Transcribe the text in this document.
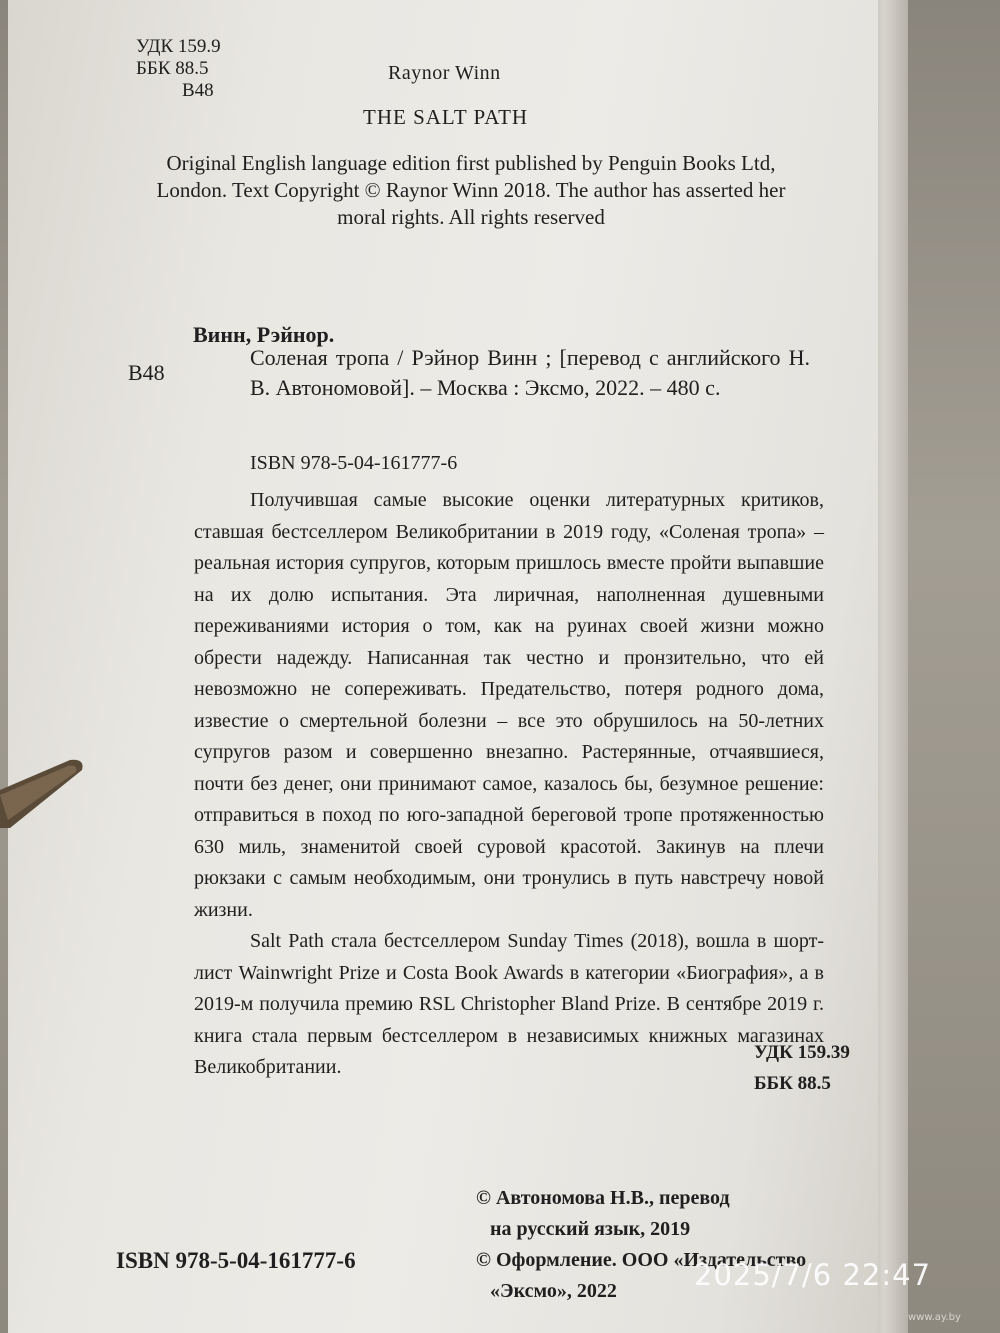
УДК 159.9
ББК 88.5
В48
Raynor Winn
THE SALT PATH
Original English language edition first published by Penguin Books Ltd, London. Text Copyright © Raynor Winn 2018. The author has asserted her moral rights. All rights reserved
Винн, Рэйнор.
В48
Соленая тропа / Рэйнор Винн ; [перевод с английского Н. В. Автономовой]. – Москва : Эксмо, 2022. – 480 с.
ISBN 978-5-04-161777-6

Получившая самые высокие оценки литературных критиков, ставшая бестселлером Великобритании в 2019 году, «Соленая тропа» – реальная история супругов, которым пришлось вместе пройти выпавшие на их долю испытания. Эта лиричная, наполненная душевными переживаниями история о том, как на руинах своей жизни можно обрести надежду. Написанная так честно и пронзительно, что ей невозможно не сопереживать. Предательство, потеря родного дома, известие о смертельной болезни – все это обрушилось на 50-летних супругов разом и совершенно внезапно. Растерянные, отчаявшиеся, почти без денег, они принимают самое, казалось бы, безумное решение: отправиться в поход по юго-западной береговой тропе протяженностью 630 миль, знаменитой своей суровой красотой. Закинув на плечи рюкзаки с самым необходимым, они тронулись в путь навстречу новой жизни.

Salt Path стала бестселлером Sunday Times (2018), вошла в шорт-лист Wainwright Prize и Costa Book Awards в категории «Биография», а в 2019-м получила премию RSL Christopher Bland Prize. В сентябре 2019 г. книга стала первым бестселлером в независимых книжных магазинах Великобритании.

УДК 159.39
ББК 88.5
© Автономова Н.В., перевод
на русский язык, 2019
© Оформление. ООО «Издательство
«Эксмо», 2022
ISBN 978-5-04-161777-6	2025/7/6 22:47
www.ay.by
